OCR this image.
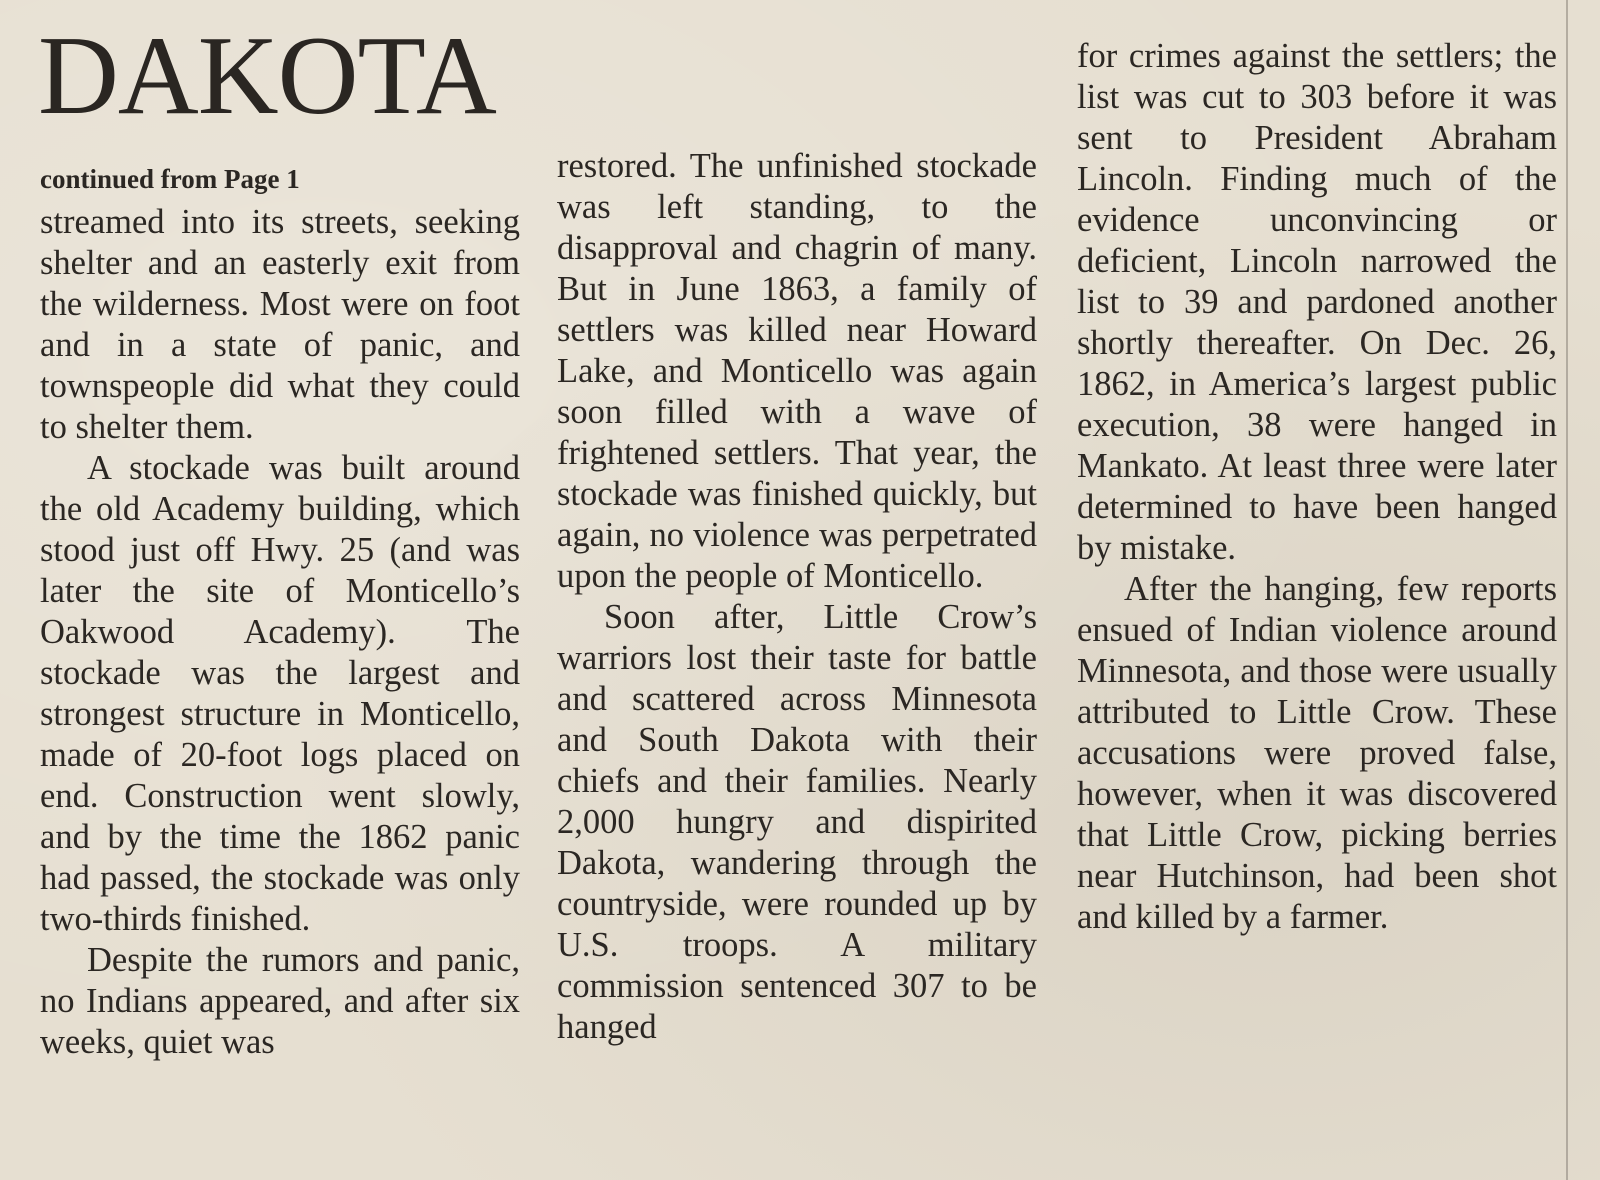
DAKOTA

continued from Page 1

streamed into its streets, seeking shelter and an easterly exit from the wilderness. Most were on foot and in a state of panic, and townspeople did what they could to shelter them.

A stockade was built around the old Academy building, which stood just off Hwy. 25 (and was later the site of Monticello’s Oakwood Academy). The stockade was the largest and strongest structure in Monticello, made of 20-foot logs placed on end. Construction went slowly, and by the time the 1862 panic had passed, the stockade was only two-thirds finished.

Despite the rumors and panic, no Indians appeared, and after six weeks, quiet was

restored. The unfinished stockade was left standing, to the disapproval and chagrin of many. But in June 1863, a family of settlers was killed near Howard Lake, and Monticello was again soon filled with a wave of frightened settlers. That year, the stockade was finished quickly, but again, no violence was perpetrated upon the people of Monticello.

Soon after, Little Crow’s warriors lost their taste for battle and scattered across Minnesota and South Dakota with their chiefs and their families. Nearly 2,000 hungry and dispirited Dakota, wandering through the countryside, were rounded up by U.S. troops. A military commission sentenced 307 to be hanged

for crimes against the settlers; the list was cut to 303 before it was sent to President Abraham Lincoln. Finding much of the evidence unconvincing or deficient, Lincoln narrowed the list to 39 and pardoned another shortly thereafter. On Dec. 26, 1862, in America’s largest public execution, 38 were hanged in Mankato. At least three were later determined to have been hanged by mistake.

After the hanging, few reports ensued of Indian violence around Minnesota, and those were usually attributed to Little Crow. These accusations were proved false, however, when it was discovered that Little Crow, picking berries near Hutchinson, had been shot and killed by a farmer.
